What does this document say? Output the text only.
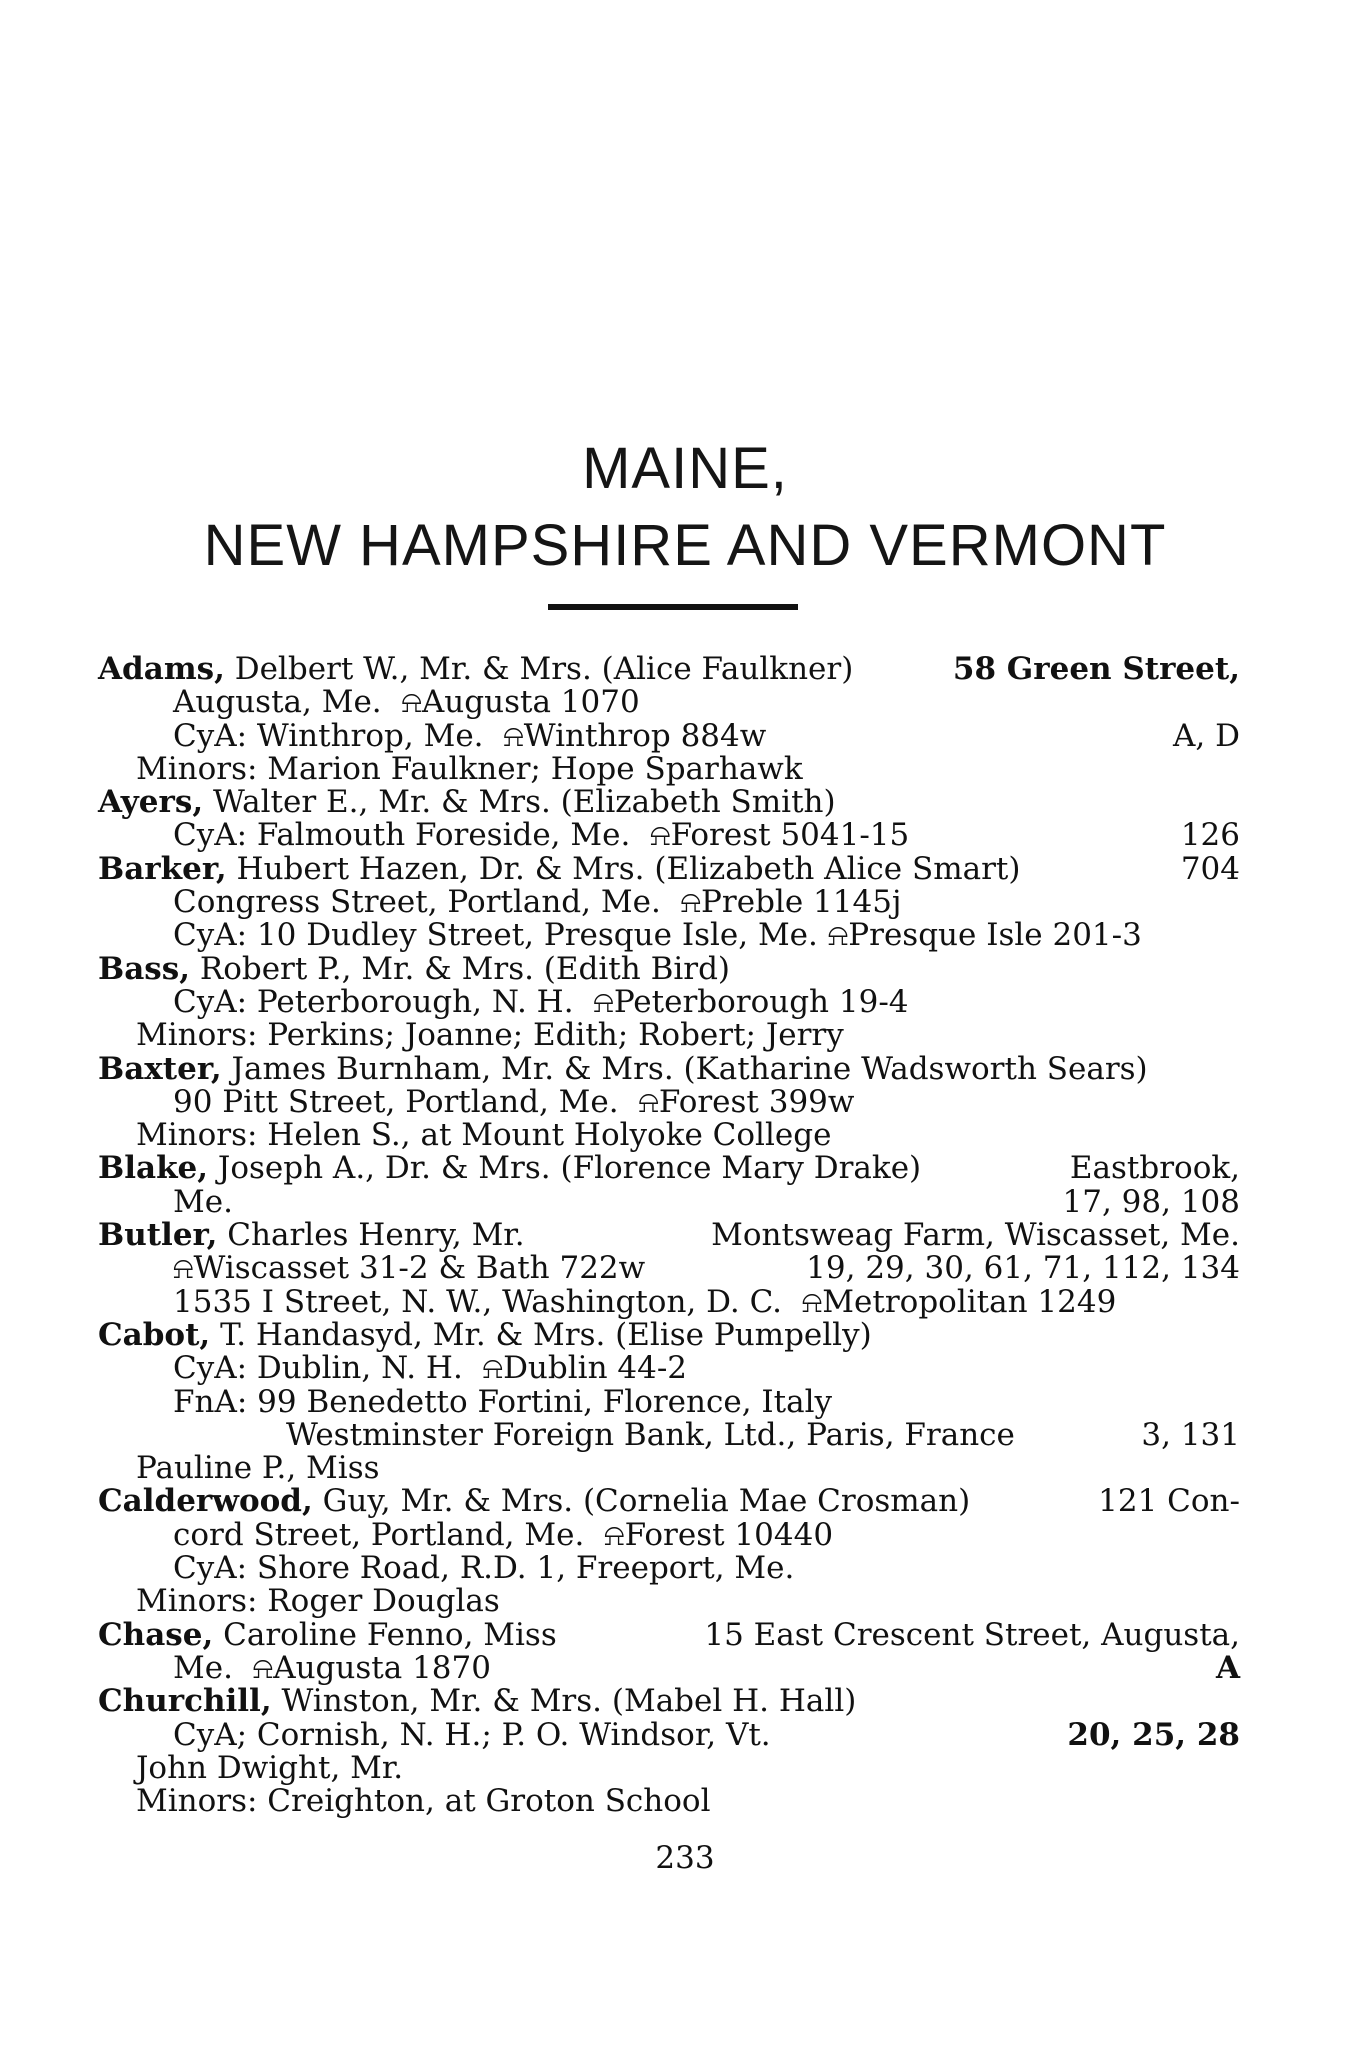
MAINE,
NEW HAMPSHIRE AND VERMONT
Adams, Delbert W., Mr. & Mrs. (Alice Faulkner)	58 Green Street,
Augusta, Me. ⍾Augusta 1070
CyA: Winthrop, Me. ⍾Winthrop 884w	A, D
Minors: Marion Faulkner; Hope Sparhawk
Ayers, Walter E., Mr. & Mrs. (Elizabeth Smith)
CyA: Falmouth Foreside, Me. ⍾Forest 5041-15	126
Barker, Hubert Hazen, Dr. & Mrs. (Elizabeth Alice Smart)	704
Congress Street, Portland, Me. ⍾Preble 1145j
CyA: 10 Dudley Street, Presque Isle, Me. ⍾Presque Isle 201-3
Bass, Robert P., Mr. & Mrs. (Edith Bird)
CyA: Peterborough, N. H. ⍾Peterborough 19-4
Minors: Perkins; Joanne; Edith; Robert; Jerry
Baxter, James Burnham, Mr. & Mrs. (Katharine Wadsworth Sears)
90 Pitt Street, Portland, Me. ⍾Forest 399w
Minors: Helen S., at Mount Holyoke College
Blake, Joseph A., Dr. & Mrs. (Florence Mary Drake)	Eastbrook,
Me.	17, 98, 108
Butler, Charles Henry, Mr.	Montsweag Farm, Wiscasset, Me.
⍾Wiscasset 31-2 & Bath 722w	19, 29, 30, 61, 71, 112, 134
1535 I Street, N. W., Washington, D. C. ⍾Metropolitan 1249
Cabot, T. Handasyd, Mr. & Mrs. (Elise Pumpelly)
CyA: Dublin, N. H. ⍾Dublin 44-2
FnA: 99 Benedetto Fortini, Florence, Italy
Westminster Foreign Bank, Ltd., Paris, France	3, 131
Pauline P., Miss
Calderwood, Guy, Mr. & Mrs. (Cornelia Mae Crosman)	121 Con-
cord Street, Portland, Me. ⍾Forest 10440
CyA: Shore Road, R.D. 1, Freeport, Me.
Minors: Roger Douglas
Chase, Caroline Fenno, Miss	15 East Crescent Street, Augusta,
Me. ⍾Augusta 1870	A
Churchill, Winston, Mr. & Mrs. (Mabel H. Hall)
CyA; Cornish, N. H.; P. O. Windsor, Vt.	20, 25, 28
John Dwight, Mr.
Minors: Creighton, at Groton School
233
